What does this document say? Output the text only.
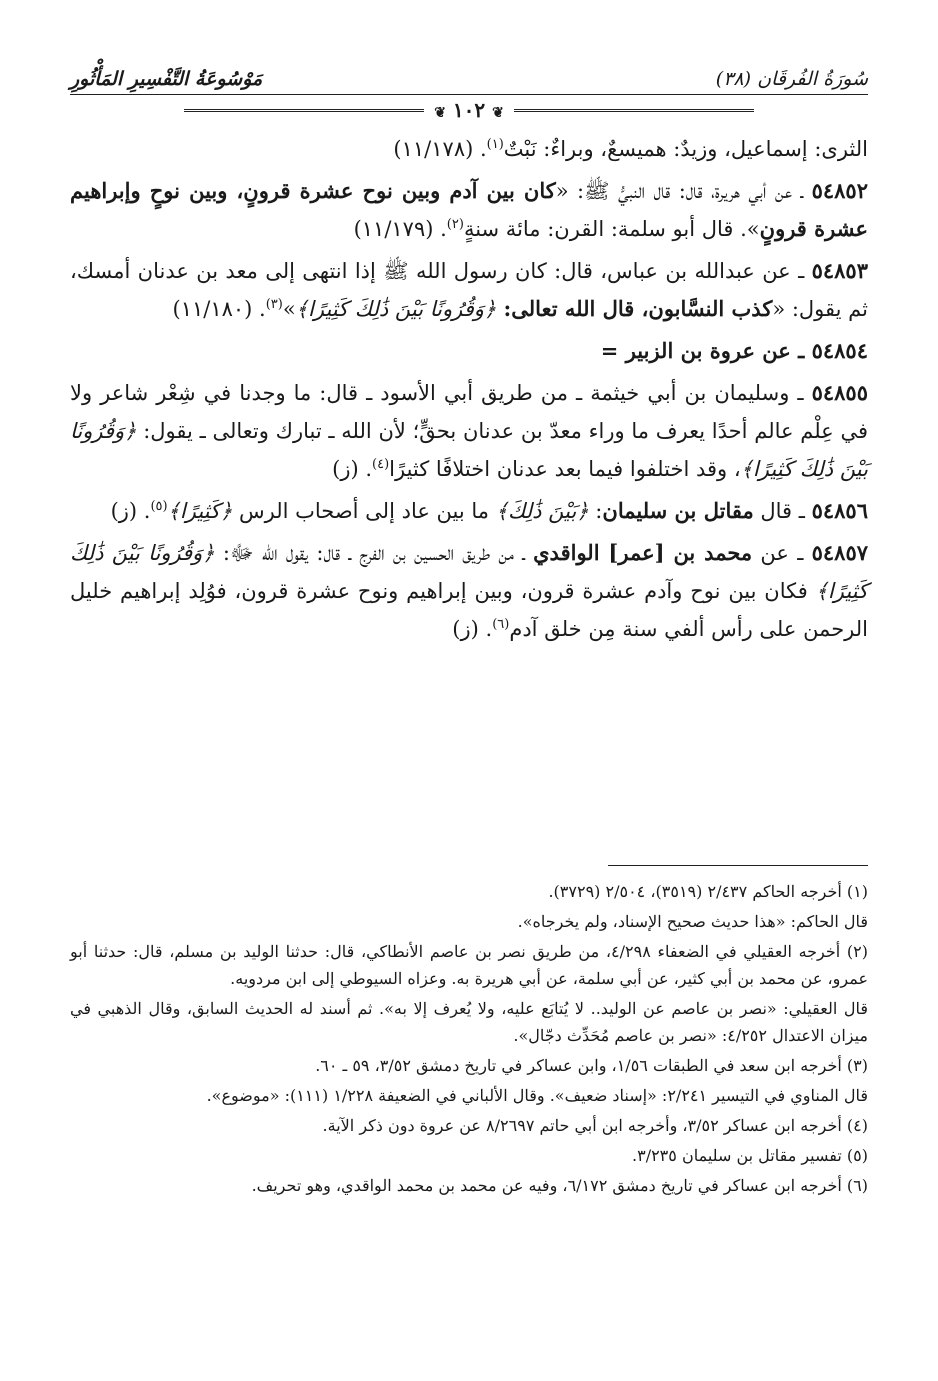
سُورَةُ الفُرقَان (٣٨)
مَوْسُوعَةُ التَّفْسِيرِ المَأْثُورِ
❦ ١٠٢ ❦

الثرى: إسماعيل، وزيدٌ: هميسعٌ، وبراءٌ: نَبْتٌ$^{(١)}$. (١١/١٧٨)

٥٤٨٥٢ ـ عن أبي هريرة، قال: قال النبيُّ ﷺ: «كان بين آدم وبين نوح عشرة قرونٍ، وبين نوحٍ وإبراهيم عشرة قرونٍ». قال أبو سلمة: القرن: مائة سنةٍ$^{(٢)}$. (١١/١٧٩)

٥٤٨٥٣ ـ عن عبدالله بن عباس، قال: كان رسول الله ﷺ إذا انتهى إلى معد بن عدنان أمسك، ثم يقول: «كذب النسَّابون، قال الله تعالى: ﴿وَقُرُونًا بَيْنَ ذَٰلِكَ كَثِيرًا﴾»$^{(٣)}$. (١١/١٨٠)

٥٤٨٥٤ ـ عن عروة بن الزبير =

٥٤٨٥٥ ـ وسليمان بن أبي خيثمة ـ من طريق أبي الأسود ـ قال: ما وجدنا في شِعْر شاعر ولا في عِلْم عالم أحدًا يعرف ما وراء معدّ بن عدنان بحقٍّ؛ لأن الله ـ تبارك وتعالى ـ يقول: ﴿وَقُرُونًا بَيْنَ ذَٰلِكَ كَثِيرًا﴾، وقد اختلفوا فيما بعد عدنان اختلافًا كثيرًا$^{(٤)}$. (ز)

٥٤٨٥٦ ـ قال مقاتل بن سليمان: ﴿بَيْنَ ذَٰلِكَ﴾ ما بين عاد إلى أصحاب الرس ﴿كَثِيرًا﴾$^{(٥)}$. (ز)

٥٤٨٥٧ ـ عن محمد بن [عمر] الواقدي ـ من طريق الحسين بن الفرج ـ قال: يقول الله ﷻ: ﴿وَقُرُونًا بَيْنَ ذَٰلِكَ كَثِيرًا﴾ فكان بين نوح وآدم عشرة قرون، وبين إبراهيم ونوح عشرة قرون، فوُلِد إبراهيم خليل الرحمن على رأس ألفي سنة مِن خلق آدم$^{(٦)}$. (ز)

(١) أخرجه الحاكم ٢/٤٣٧ (٣٥١٩)، ٢/٥٠٤ (٣٧٢٩).

قال الحاكم: «هذا حديث صحيح الإسناد، ولم يخرجاه».

(٢) أخرجه العقيلي في الضعفاء ٤/٢٩٨، من طريق نصر بن عاصم الأنطاكي، قال: حدثنا الوليد بن مسلم، قال: حدثنا أبو عمرو، عن محمد بن أبي كثير، عن أبي سلمة، عن أبي هريرة به. وعزاه السيوطي إلى ابن مردويه.

قال العقيلي: «نصر بن عاصم عن الوليد.. لا يُتابَع عليه، ولا يُعرف إلا به». ثم أسند له الحديث السابق، وقال الذهبي في ميزان الاعتدال ٤/٢٥٢: «نصر بن عاصم مُحَدِّث دجّال».

(٣) أخرجه ابن سعد في الطبقات ١/٥٦، وابن عساكر في تاريخ دمشق ٣/٥٢، ٥٩ ـ ٦٠.

قال المناوي في التيسير ٢/٢٤١: «إسناد ضعيف». وقال الألباني في الضعيفة ١/٢٢٨ (١١١): «موضوع».

(٤) أخرجه ابن عساكر ٣/٥٢، وأخرجه ابن أبي حاتم ٨/٢٦٩٧ عن عروة دون ذكر الآية.

(٥) تفسير مقاتل بن سليمان ٣/٢٣٥.

(٦) أخرجه ابن عساكر في تاريخ دمشق ٦/١٧٢، وفيه عن محمد بن محمد الواقدي، وهو تحريف.
